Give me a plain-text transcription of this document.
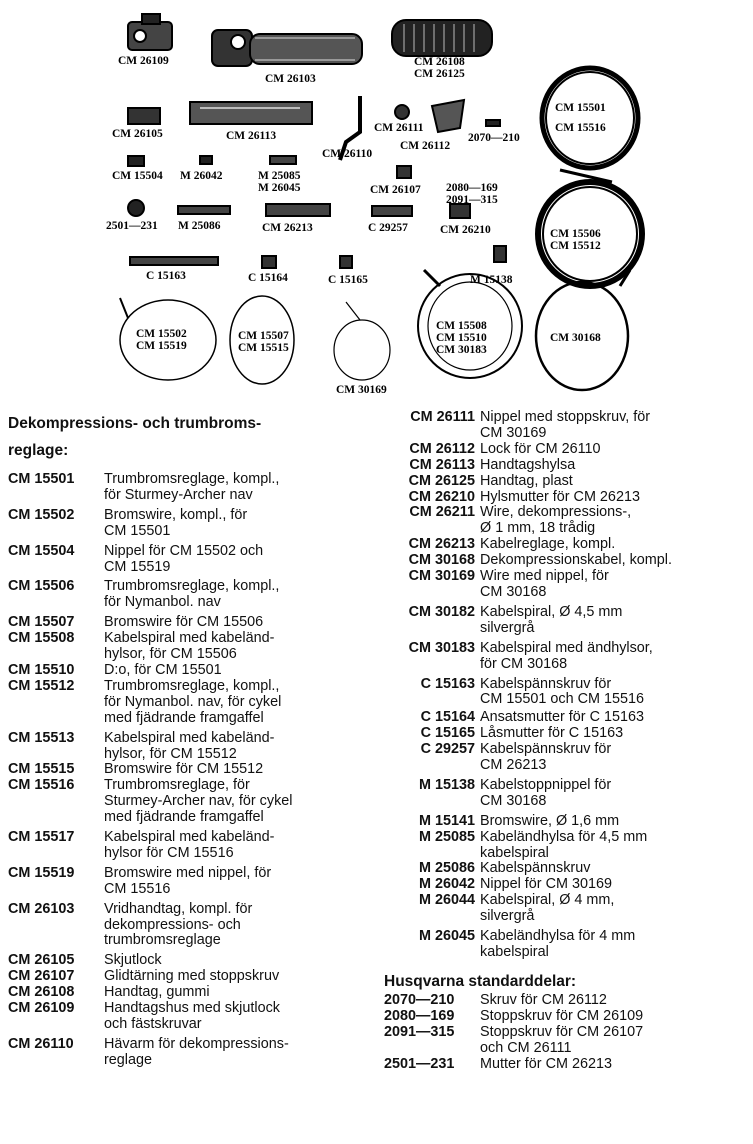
CM 26109
CM 26103
CM 26108
CM 26125
CM 15501
CM 15516
CM 26105	CM 26113
CM 26111
CM 26112
2070—210
CM 26110
CM 15504 M 26042	M 25085
M 26045	CM 26107 2080—169
2091—315
2501—231 M 25086	CM 26213	C 29257	CM 26210	CM 15506
CM 15512
C 15163	C 15164	C 15165	M 15138
CM 15502
CM 15519
CM 15507
CM 15515
CM 15508
CM 15510
CM 30183
CM 30168
CM 30169
Dekompressions- och trumbroms-
reglage:
CM 15501	Trumbromsreglage, kompl.,
för Sturmey-Archer nav
CM 15502	Bromswire, kompl., för
CM 15501
CM 15504	Nippel för CM 15502 och
CM 15519
CM 15506	Trumbromsreglage, kompl.,
för Nymanbol. nav
CM 15507	Bromswire för CM 15506
CM 15508	Kabelspiral med kabeländ-
hylsor, för CM 15506
CM 15510	D:o, för CM 15501
CM 15512	Trumbromsreglage, kompl.,
för Nymanbol. nav, för cykel
med fjädrande framgaffel
CM 15513	Kabelspiral med kabeländ-
hylsor, för CM 15512
CM 15515	Bromswire för CM 15512
CM 15516	Trumbromsreglage, för
Sturmey-Archer nav, för cykel
med fjädrande framgaffel
CM 15517	Kabelspiral med kabeländ-
hylsor för CM 15516
CM 15519	Bromswire med nippel, för
CM 15516
CM 26103	Vridhandtag, kompl. för
dekompressions- och
trumbromsreglage
CM 26105	Skjutlock
CM 26107	Glidtärning med stoppskruv
CM 26108	Handtag, gummi
CM 26109	Handtagshus med skjutlock
och fästskruvar
CM 26110	Hävarm för dekompressions-
reglage
CM 26111 Nippel med stoppskruv, för
CM 30169
CM 26112 Lock för CM 26110
CM 26113 Handtagshylsa
CM 26125 Handtag, plast
CM 26210 Hylsmutter för CM 26213
CM 26211 Wire, dekompressions-,
Ø 1 mm, 18 trådig
CM 26213 Kabelreglage, kompl.
CM 30168 Dekompressionskabel, kompl.
CM 30169 Wire med nippel, för
CM 30168
CM 30182 Kabelspiral, Ø 4,5 mm
silvergrå
CM 30183 Kabelspiral med ändhylsor,
för CM 30168
C 15163 Kabelspännskruv för
CM 15501 och CM 15516
C 15164 Ansatsmutter för C 15163
C 15165 Låsmutter för C 15163
C 29257 Kabelspännskruv för
CM 26213
M 15138 Kabelstoppnippel för
CM 30168
M 15141 Bromswire, Ø 1,6 mm
M 25085 Kabeländhylsa för 4,5 mm
kabelspiral
M 25086 Kabelspännskruv
M 26042 Nippel för CM 30169
M 26044 Kabelspiral, Ø 4 mm,
silvergrå
M 26045 Kabeländhylsa för 4 mm
kabelspiral
Husqvarna standarddelar:
2070—210	Skruv för CM 26112
2080—169	Stoppskruv för CM 26109
2091—315	Stoppskruv för CM 26107
och CM 26111
2501—231	Mutter för CM 26213
